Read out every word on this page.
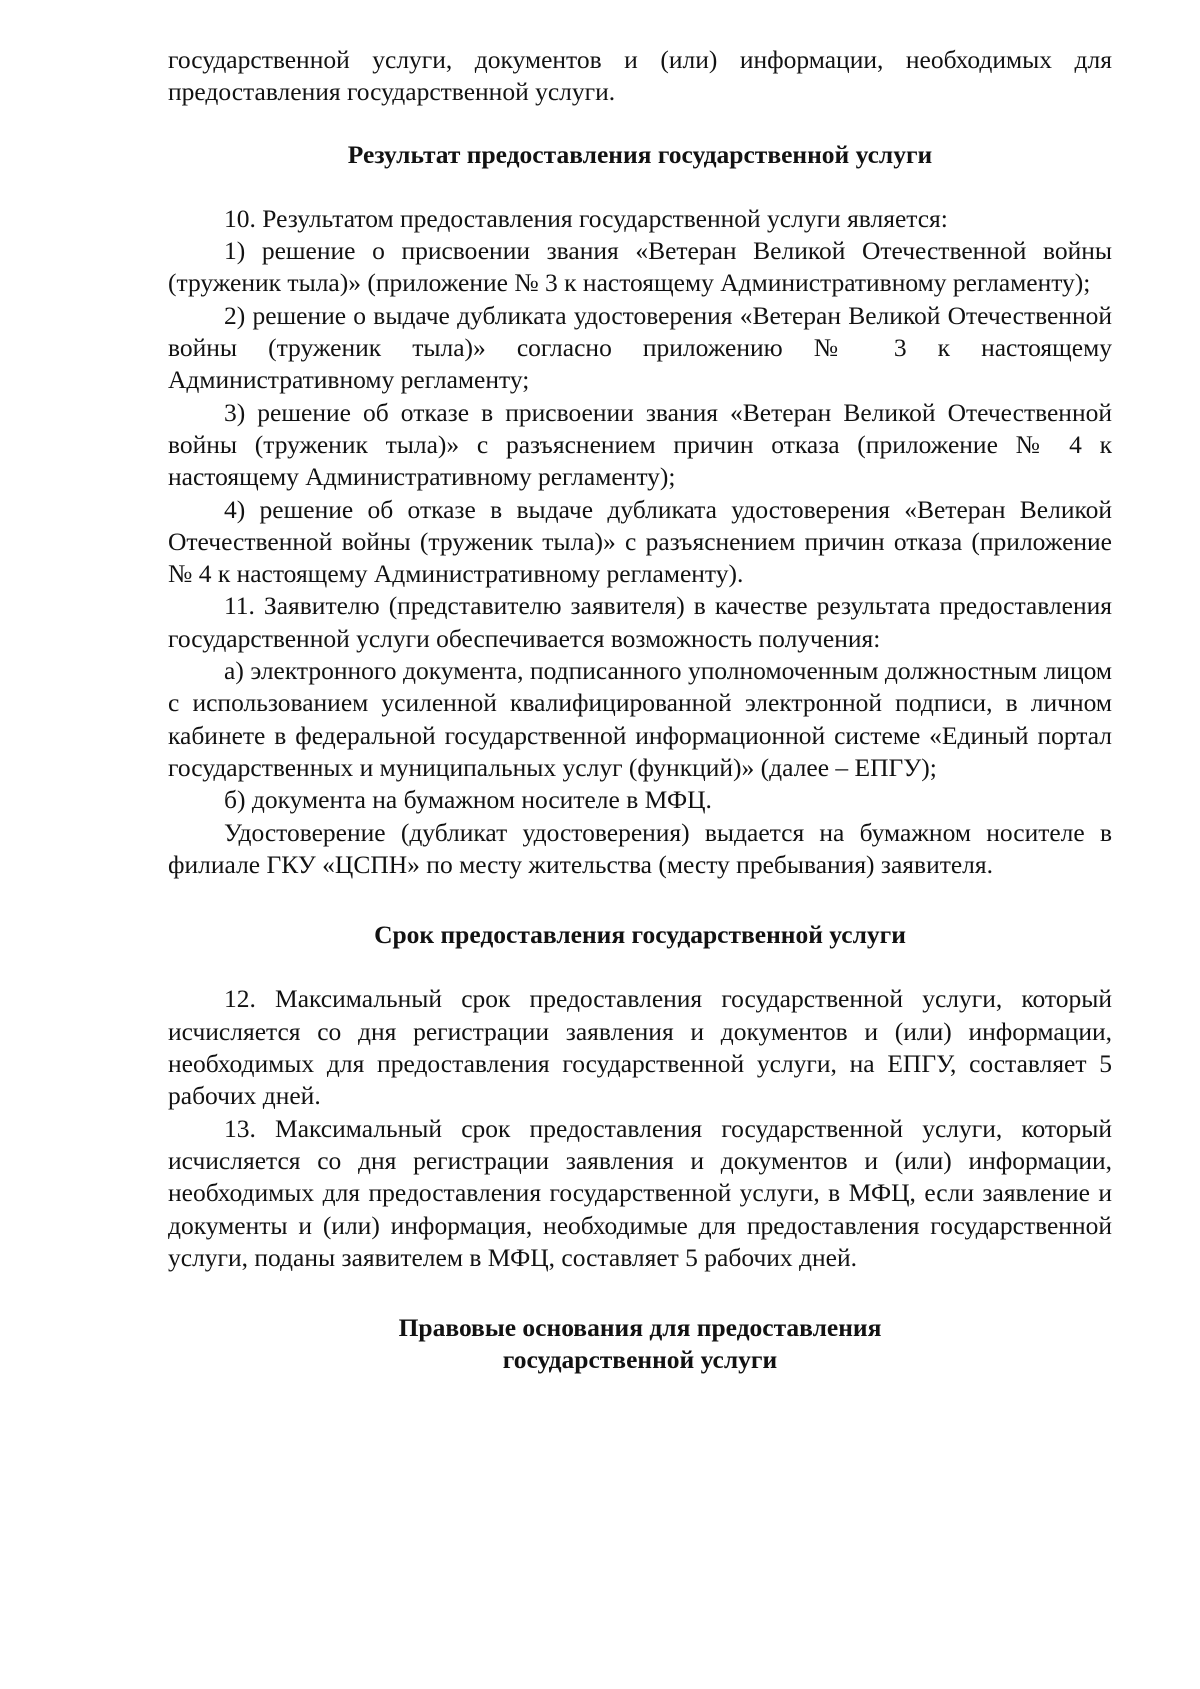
государственной услуги, документов и (или) информации, необходимых для предоставления государственной услуги.

Результат предоставления государственной услуги

10. Результатом предоставления государственной услуги является:

1) решение о присвоении звания «Ветеран Великой Отечественной войны (труженик тыла)» (приложение № 3 к настоящему Административному регламенту);

2) решение о выдаче дубликата удостоверения «Ветеран Великой Отечественной войны (труженик тыла)» согласно приложению № 3 к настоящему Административному регламенту;

3) решение об отказе в присвоении звания «Ветеран Великой Отечественной войны (труженик тыла)» с разъяснением причин отказа (приложение № 4 к настоящему Административному регламенту);

4) решение об отказе в выдаче дубликата удостоверения «Ветеран Великой Отечественной войны (труженик тыла)» с разъяснением причин отказа (приложение № 4 к настоящему Административному регламенту).

11. Заявителю (представителю заявителя) в качестве результата предоставления государственной услуги обеспечивается возможность получения:

а) электронного документа, подписанного уполномоченным должностным лицом с использованием усиленной квалифицированной электронной подписи, в личном кабинете в федеральной государственной информационной системе «Единый портал государственных и муниципальных услуг (функций)» (далее – ЕПГУ);

б) документа на бумажном носителе в МФЦ.

Удостоверение (дубликат удостоверения) выдается на бумажном носителе в филиале ГКУ «ЦСПН» по месту жительства (месту пребывания) заявителя.

Срок предоставления государственной услуги

12. Максимальный срок предоставления государственной услуги, который исчисляется со дня регистрации заявления и документов и (или) информации, необходимых для предоставления государственной услуги, на ЕПГУ, составляет 5 рабочих дней.

13. Максимальный срок предоставления государственной услуги, который исчисляется со дня регистрации заявления и документов и (или) информации, необходимых для предоставления государственной услуги, в МФЦ, если заявление и документы и (или) информация, необходимые для предоставления государственной услуги, поданы заявителем в МФЦ, составляет 5 рабочих дней.

Правовые основания для предоставления
государственной услуги
